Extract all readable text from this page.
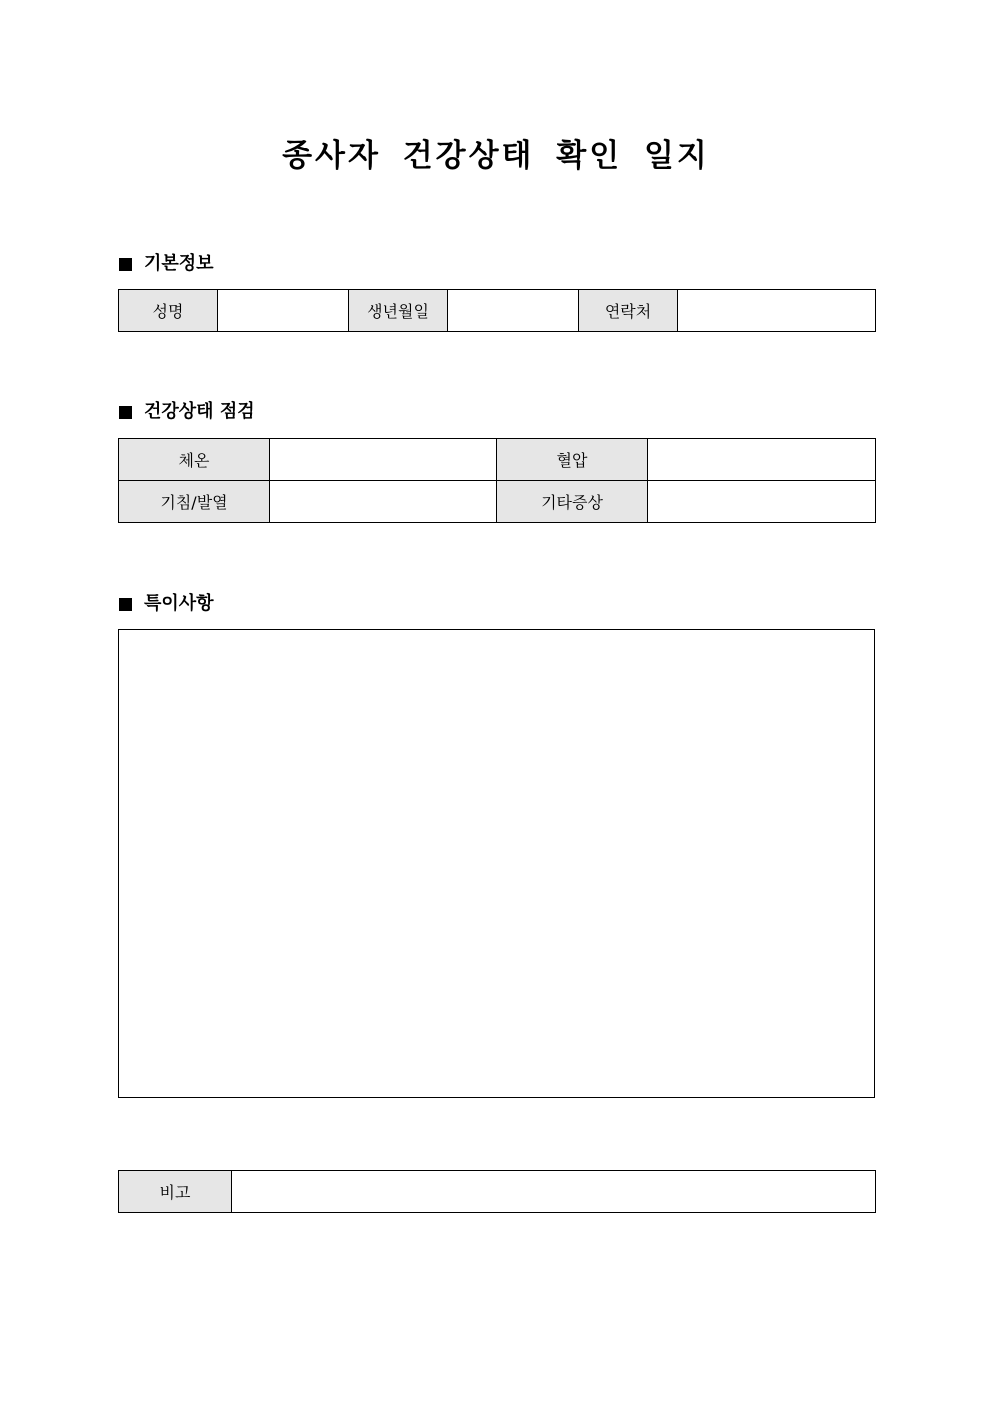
종사자 건강상태 확인 일지
기본정보
성명		생년월일		연락처	
건강상태 점검
체온		혈압	
기침/발열		기타증상	
특이사항
비고	
